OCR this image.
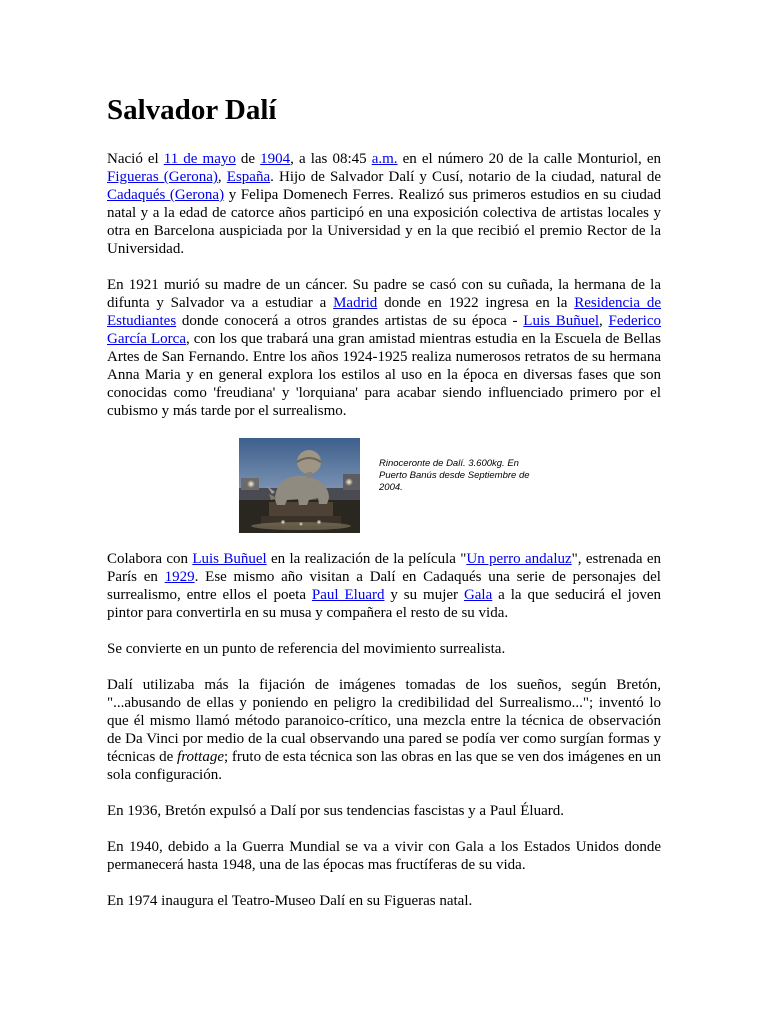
Salvador Dalí

Nació el 11 de mayo de 1904, a las 08:45 a.m. en el número 20 de la calle Monturiol, en Figueras (Gerona), España. Hijo de Salvador Dalí y Cusí, notario de la ciudad, natural de Cadaqués (Gerona) y Felipa Domenech Ferres. Realizó sus primeros estudios en su ciudad natal y a la edad de catorce años participó en una exposición colectiva de artistas locales y otra en Barcelona auspiciada por la Universidad y en la que recibió el premio Rector de la Universidad.

En 1921 murió su madre de un cáncer. Su padre se casó con su cuñada, la hermana de la difunta y Salvador va a estudiar a Madrid donde en 1922 ingresa en la Residencia de Estudiantes donde conocerá a otros grandes artistas de su época - Luis Buñuel, Federico García Lorca, con los que trabará una gran amistad mientras estudia en la Escuela de Bellas Artes de San Fernando. Entre los años 1924-1925 realiza numerosos retratos de su hermana Anna Maria y en general explora los estilos al uso en la época en diversas fases que son conocidas como 'freudiana' y 'lorquiana' para acabar siendo influenciado primero por el cubismo y más tarde por el surrealismo.

Rinoceronte de Dalí. 3.600kg. En Puerto Banús desde Septiembre de 2004.

Colabora con Luis Buñuel en la realización de la película "Un perro andaluz", estrenada en París en 1929. Ese mismo año visitan a Dalí en Cadaqués una serie de personajes del surrealismo, entre ellos el poeta Paul Eluard y su mujer Gala a la que seducirá el joven pintor para convertirla en su musa y compañera el resto de su vida.

Se convierte en un punto de referencia del movimiento surrealista.

Dalí utilizaba más la fijación de imágenes tomadas de los sueños, según Bretón, "...abusando de ellas y poniendo en peligro la credibilidad del Surrealismo..."; inventó lo que él mismo llamó método paranoico-crítico, una mezcla entre la técnica de observación de Da Vinci por medio de la cual observando una pared se podía ver como surgían formas y técnicas de frottage; fruto de esta técnica son las obras en las que se ven dos imágenes en un sola configuración.

En 1936, Bretón expulsó a Dalí por sus tendencias fascistas y a Paul Éluard.

En 1940, debido a la Guerra Mundial se va a vivir con Gala a los Estados Unidos donde permanecerá hasta 1948, una de las épocas mas fructíferas de su vida.

En 1974 inaugura el Teatro-Museo Dalí en su Figueras natal.
